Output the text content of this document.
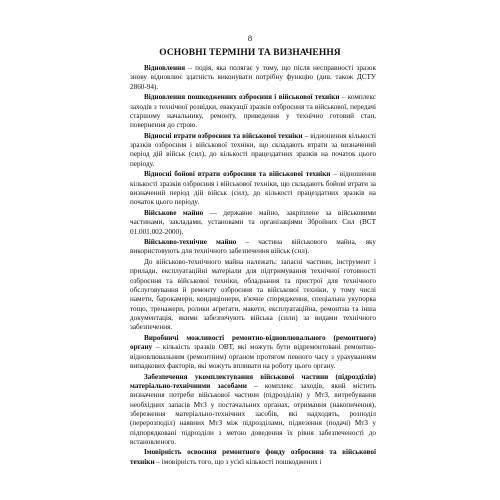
8
ОСНОВНІ ТЕРМІНИ ТА ВИЗНАЧЕННЯ

Відновлення – подія, яка полягає у тому, що після несправності зразок знову відновлює здатність виконувати потрібну функцію (див. також ДСТУ 2860-94).

Відновлення пошкодженних озброєння і військової техніки – комплекс заходів з технічної розвідки, евакуації зразків озброєння та військової, передачі старшому начальнику, ремонту, приведення у технічно готовий стан, повернення до строю.

Відносні втрати озброєння та військової техніки – відношення кількості зразків озброєння і військової техніки, що складають втрати за визначений період дій військ (сил), до кількості працездатних зразків на початок цього періоду.

Відносні бойові втрати озброєння та військової техніки – відношення кількості зразків озброєння і військової техніки, що складають бойові втрати за визначений період дій військ (сил), до кількості працездатних зразків на початок цього періоду.

Військове майно — державне майно, закріплене за військовими частинами, закладами, установами та організаціями Збройних Сил (ВСТ 01.001.002-2000).

Військово-технічне майно – частина військового майна, яку використовують для технічного забезпечення військ (сил).

До військово-технічного майна належать: запасні частини, інструмент і прилади, експлуатаційні матеріали для підтримування технічної готовності озброєння та військової техніки, обладнання та пристрої для технічного обслуговування й ремонту озброєння та військової техніки, у тому числі намети, барокамери, кондиціонери, в'ючне спорядження, спеціальна укупорка тощо, тренажери, ролики агрегати, макети, експлуатаційна, ремонтна та інша документація, якими забезпечують військa (сили) за видами технічного забезпечення.

Виробничі можливості ремонтно-відновлювального (ремонтного) органу – кількість зразків ОВТ, які можуть бути відремонтовані ремонтно-відновлювальним (ремонтним) органом протягом певного часу з урахуванням випадкових факторів, які можуть впливати на роботу цього органу.

Забезпечення укомплектування військової частини (підрозділів) матеріально-технічними засобами – комплекс заходів, який містить визначення потреби військової частини (підрозділів) у МтЗ, витребування необхідних запасів МтЗ у постачальних органах, отримання (накопичення), збереження матеріально-технічних засобів, які надходять, розподіл (перерозподіл) наявних МтЗ між підрозділами, підвезення (подачі) МтЗ у підпорядковані підрозділи з метою доведення їх рівня забезпеченості до встановленого.

Імовірність освоєння ремонтного фонду озброєння та військової техніки – імовірність того, що з усієї кількості пошкоджених і
